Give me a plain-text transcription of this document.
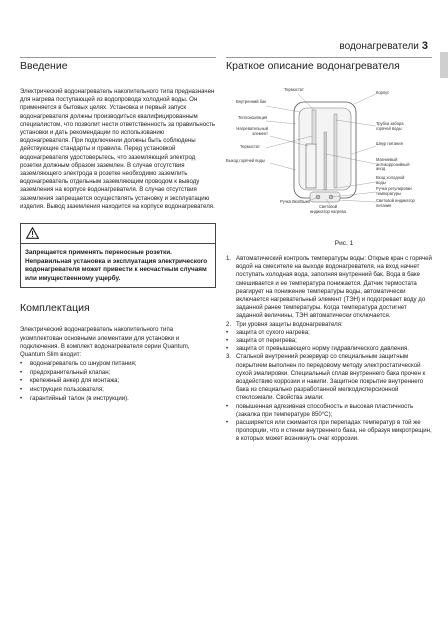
водонагреватели 3
Введение

Электрический водонагреватель накопительного типа предназначен для нагрева поступающей из водопровода холодной воды. Он применяется в бытовых целях. Установка и первый запуск водонагревателя должны производиться квалифицированным специалистом, что позволит нести ответственность за правильность установки и дать рекомендации по использованию водонагревателя. При подключении должны быть соблюдены действующие стандарты и правила. Перед установкой водонагревателя удостоверьтесь, что заземляющий электрод розетки должным образом заземлен. В случае отсутствия заземляющего электрода в розетке необходимо заземлить водонагреватель отдельным заземляющим проводом к выводу заземления на корпусе водонагревателя. В случае отсутствия заземления запрещается осуществлять установку и эксплуатацию изделия. Вывод заземления находится на корпусе водонагревателя.

Запрещается применять переносные розетки. Неправильная установка и эксплуатация электрического водонагревателя может привести к несчастным случаям или имущественному ущербу.
Комплектация

Электрический водонагреватель накопительного типа укомплектован основными элементами для установки и подключения. В комплект водонагревателя серии Quantum, Quantum Slim входит:

• водонагреватель со шнуром питания;
• предохранительный клапан;
• крепежный анкер для монтажа;
• инструкция пользователя;
• гарантийный талон (в инструкции).
Краткое описание водонагревателя
Внутренний бак
Термостат
Корпус
Теплоизоляция
Нагревательный элемент
Термостат
Выход горячей воды
Трубка забора горячей воды
Шнур питания
Магниевый антикоррозийный анод
Вход холодной воды
Ручка регулировки температуры
Ручка Вкл/Выкл
Световой индикатор нагрева
Световой индикатор питания
Рис. 1
1. Автоматический контроль температуры воды: Открыв кран с горячей водой на смесителе на выходе водонагревателя, на вход начнет поступать холодная вода, заполняя внутренний бак. Вода в баке смешивается и ее температура понижается. Датчик термостата реагирует на понижение температуры воды, автоматически включается нагревательный элемент (ТЭН) и подогревает воду до заданной ранее температуры. Когда температура достигнет заданной величины, ТЭН автоматически отключается.
2. Три уровня защиты водонагревателя:
• защита от сухого нагрева;
• защита от перегрева;
• защита от превышающего норму гидравлического давления.
3. Стальной внутренний резервуар со специальным защитным покрытием выполнен по передовому методу электростатической сухой эмалировки. Специальный сплав внутреннего бака прочен к воздействию коррозии и накипи. Защитное покрытие внутреннего бака из специально разработанной мелкодисперсионной стеклоэмали. Свойства эмали:
• повышенная адгезивная способность и высокая пластичность (закалка при температуре 850°С);
• расширяется или сжимается при перепадах температур в той же пропорции, что и стенки внутреннего бака, не образуя микротрещин, в которых может возникнуть очаг коррозии.
